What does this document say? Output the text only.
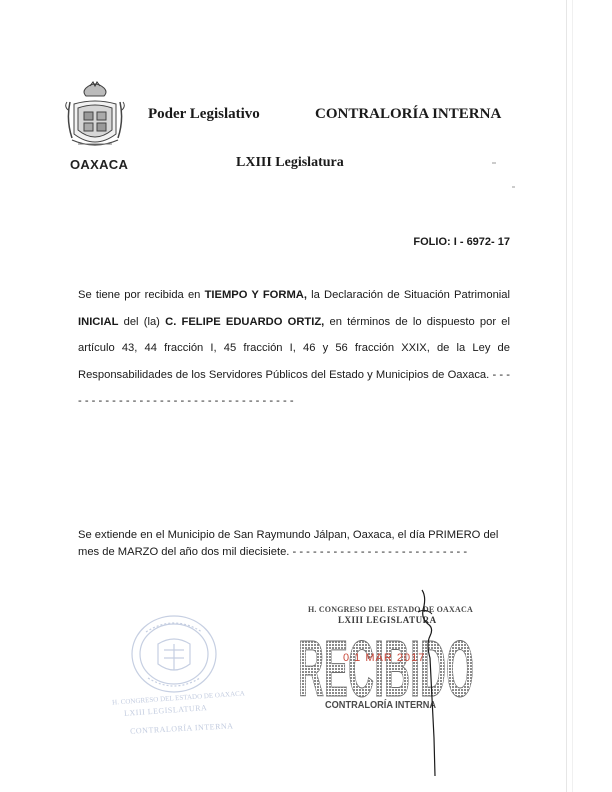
OAXACA
Poder Legislativo	CONTRALORÍA INTERNA
LXIII Legislatura
FOLIO: I - 6972- 17
Se tiene por recibida en TIEMPO Y FORMA, la Declaración de Situación Patrimonial INICIAL del (la) C. FELIPE EDUARDO ORTIZ, en términos de lo dispuesto por el artículo 43, 44 fracción I, 45 fracción I, 46 y 56 fracción XXIX, de la Ley de Responsabilidades de los Servidores Públicos del Estado y Municipios de Oaxaca. - - - - - - - - - - - - - - - - - - - - - - - - - - - - - - - - - - -
Se extiende en el Municipio de San Raymundo Jálpan, Oaxaca, el día PRIMERO del mes de MARZO del año dos mil diecisiete. - - - - - - - - - - - - - - - - - - - - - - - - - -
H. CONGRESO DEL ESTADO DE OAXACA
LXIII LEGISLATURA
CONTRALORÍA INTERNA
H. CONGRESO DEL ESTADO DE OAXACA
LXIII LEGISLATURA
RECIBIDO
0 1 MAR 2017
CONTRALORÍA INTERNA
